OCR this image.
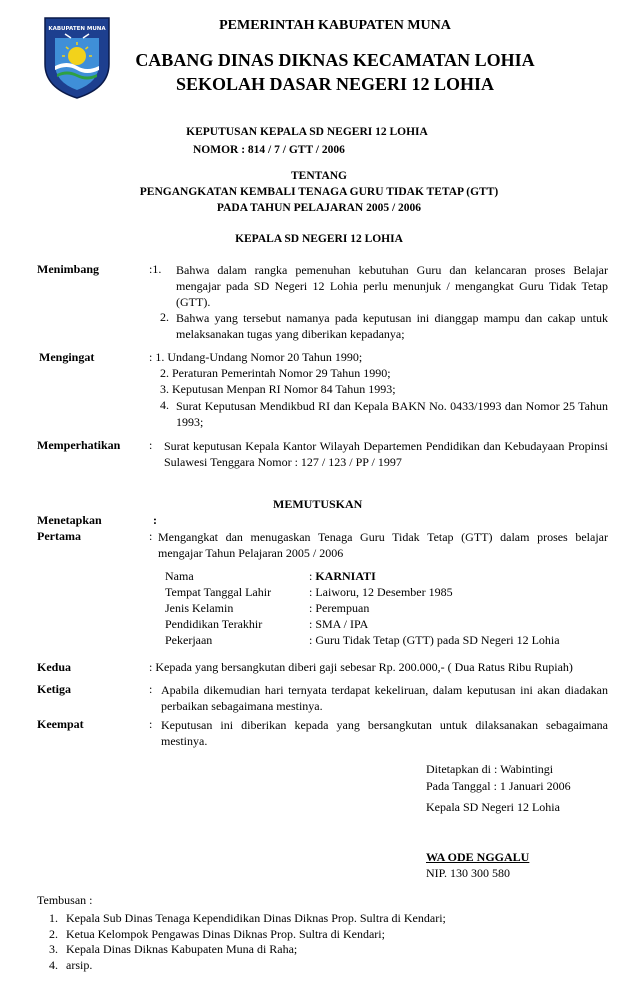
KABUPATEN MUNA	PEMERINTAH KABUPATEN MUNA
CABANG DINAS DIKNAS KECAMATAN LOHIA
SEKOLAH DASAR NEGERI 12 LOHIA
KEPUTUSAN KEPALA SD NEGERI 12 LOHIA
NOMOR : 814 / 7 / GTT / 2006
TENTANG
PENGANGKATAN KEMBALI TENAGA GURU TIDAK TETAP (GTT)
PADA TAHUN PELAJARAN 2005 / 2006
KEPALA SD NEGERI 12 LOHIA
Menimbang	:1. Bahwa dalam rangka pemenuhan kebutuhan Guru dan kelancaran proses Belajar mengajar pada SD Negeri 12 Lohia perlu menunjuk / mengangkat Guru Tidak Tetap (GTT).
2. Bahwa yang tersebut namanya pada keputusan ini dianggap mampu dan cakap untuk melaksanakan tugas yang diberikan kepadanya;
Mengingat	: 1. Undang-Undang Nomor 20 Tahun 1990;
2. Peraturan Pemerintah Nomor 29 Tahun 1990;
3. Keputusan Menpan RI Nomor 84 Tahun 1993;
4. Surat Keputusan Mendikbud RI dan Kepala BAKN No. 0433/1993 dan Nomor 25 Tahun 1993;
Memperhatikan : Surat keputusan Kepala Kantor Wilayah Departemen Pendidikan dan Kebudayaan Propinsi Sulawesi Tenggara Nomor : 127 / 123 / PP / 1997
MEMUTUSKAN
Menetapkan	:
Pertama	: Mengangkat dan menugaskan Tenaga Guru Tidak Tetap (GTT) dalam proses belajar mengajar Tahun Pelajaran 2005 / 2006
Nama	: KARNIATI
Tempat Tanggal Lahir	: Laiworu, 12 Desember 1985
Jenis Kelamin	: Perempuan
Pendidikan Terakhir	: SMA / IPA
Pekerjaan	: Guru Tidak Tetap (GTT) pada SD Negeri 12 Lohia
Kedua	: Kepada yang bersangkutan diberi gaji sebesar Rp. 200.000,- ( Dua Ratus Ribu Rupiah)
Ketiga	: Apabila dikemudian hari ternyata terdapat kekeliruan, dalam keputusan ini akan diadakan perbaikan sebagaimana mestinya.
Keempat	: Keputusan ini diberikan kepada yang bersangkutan untuk dilaksanakan sebagaimana mestinya.
Ditetapkan di : Wabintingi
Pada Tanggal : 1 Januari 2006
Kepala SD Negeri 12 Lohia
WA ODE NGGALU
NIP. 130 300 580
Tembusan :
1. Kepala Sub Dinas Tenaga Kependidikan Dinas Diknas Prop. Sultra di Kendari;
2. Ketua Kelompok Pengawas Dinas Diknas Prop. Sultra di Kendari;
3. Kepala Dinas Diknas Kabupaten Muna di Raha;
4. arsip.
